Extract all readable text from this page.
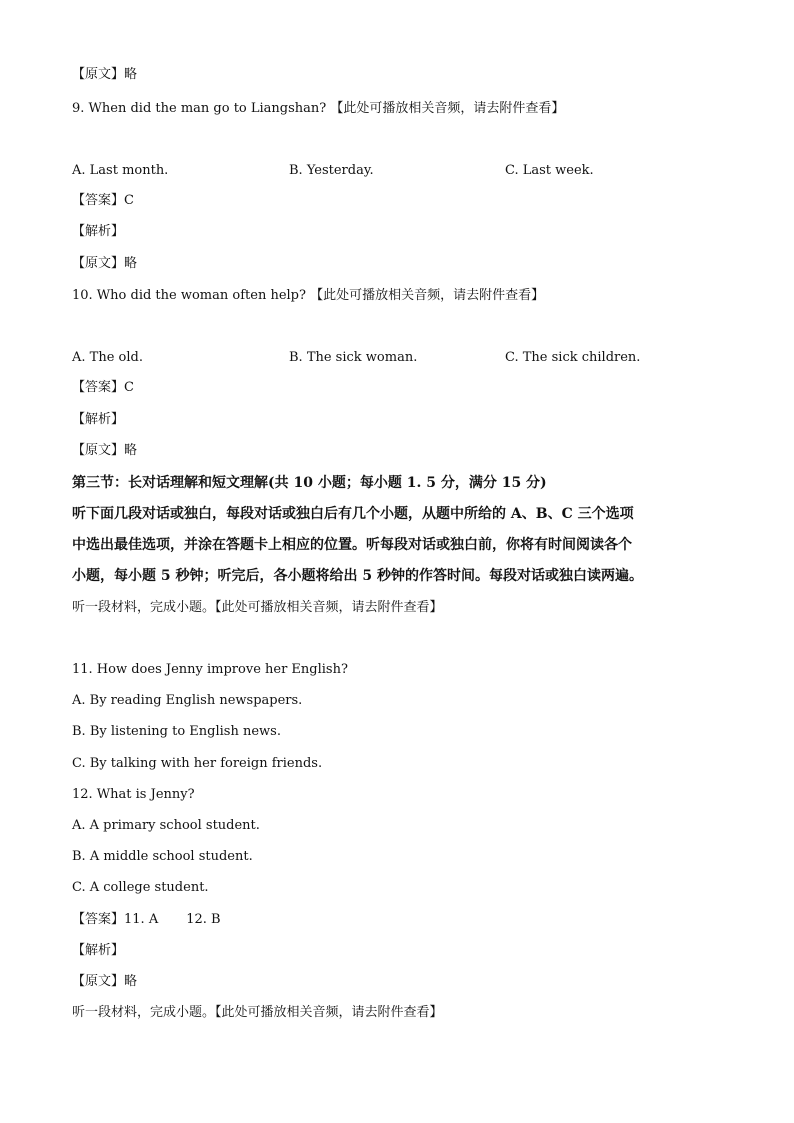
【原文】略
9. When did the man go to Liangshan? 【此处可播放相关音频，请去附件查看】
A. Last month.	B. Yesterday.	C. Last week.
【答案】C
【解析】
【原文】略
10. Who did the woman often help? 【此处可播放相关音频，请去附件查看】
A. The old.	B. The sick woman.	C. The sick children.
【答案】C
【解析】
【原文】略
第三节：长对话理解和短文理解(共 10 小题；每小题 1. 5 分，满分 15 分)
听下面几段对话或独白，每段对话或独白后有几个小题，从题中所给的 A、B、C 三个选项
中选出最佳选项，并涂在答题卡上相应的位置。听每段对话或独白前，你将有时间阅读各个
小题，每小题 5 秒钟；听完后，各小题将给出 5 秒钟的作答时间。每段对话或独白读两遍。
听一段材料，完成小题。【此处可播放相关音频，请去附件查看】
11. How does Jenny improve her English?
A. By reading English newspapers.
B. By listening to English news.
C. By talking with her foreign friends.
12. What is Jenny?
A. A primary school student.
B. A middle school student.
C. A college student.
【答案】11. A 12. B
【解析】
【原文】略
听一段材料，完成小题。【此处可播放相关音频，请去附件查看】
